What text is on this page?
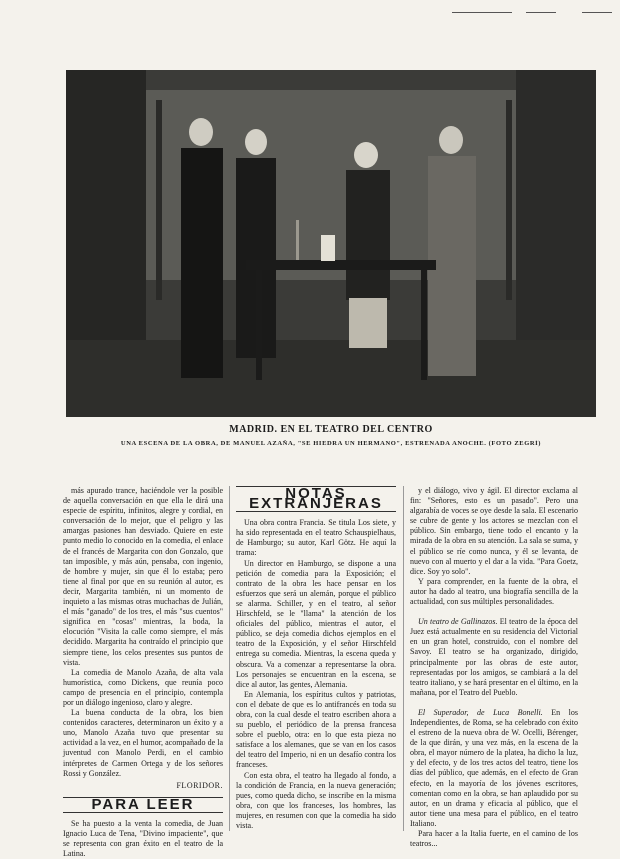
MADRID. EN EL TEATRO DEL CENTRO
UNA ESCENA DE LA OBRA, DE MANUEL AZAÑA, "SE HIEDRA UN HERMANO", ESTRENADA ANOCHE. (FOTO ZEGRÍ)

más apurado trance, haciéndole ver la posible de aquella conversación en que ella le dirá una especie de espíritu, infinitos, alegre y cordial, en conversación de lo mejor, que el peligro y las amargas pasiones han desviado. Quiere en este punto medio lo conocido en la comedia, el enlace de el francés de Margarita con don Gonzalo, que tan imposible, y más aún, pensaba, con ingenio, de hombre y mujer, sin que él lo estaba; pero tiene al final por que en su reunión al autor, es decir, Margarita también, ni un momento de inquieto a las mismas otras muchachas de Julián, el más "ganado" de los tres, el más "sus cuentos" significa en "cosas" mientras, la boda, la elocución "Visita la calle como siempre, el más decidido. Margarita ha contraído el principio que siempre tiene, los celos presentes sus puntos de vista.

La comedia de Manolo Azaña, de alta vala humorística, como Dickens, que reunía poco campo de presencia en el principio, contempla por un diálogo ingenioso, claro y alegre.

La buena conducta de la obra, los bien contenidos caracteres, determinaron un éxito y a uno, Manolo Azaña tuvo que presentar su actividad a la vez, en el humor, acompañado de la juventud con Manolo Perdi, en el cambio intérpretes de Carmen Ortega y de los señores Rossi y González.

FLORIDOR.
PARA LEER

Se ha puesto a la venta la comedia, de Juan Ignacio Luca de Tena, "Divino impaciente", que se representa con gran éxito en el teatro de la Latina.

NOTAS EXTRANJERAS

Una obra contra Francia. Se titula Los siete, y ha sido representada en el teatro Schauspielhaus, de Hamburgo; su autor, Karl Götz. He aquí la trama:

Un director en Hamburgo, se dispone a una petición de comedia para la Exposición; el contrato de la obra les hace pensar en los esfuerzos que será un alemán, porque el público se alarma. Schiller, y en el teatro, al señor Hirschfeld, se le "llama" la atención de los oficiales del público, mientras el autor, el público, se deja comedia dichos ejemplos en el teatro de la Exposición, y el señor Hirschfeld entrega su comedia. Mientras, la escena queda y obscura. Va a comenzar a representarse la obra. Los personajes se encuentran en la escena, se dice al autor, las gentes, Alemania.

En Alemania, los espíritus cultos y patriotas, con el debate de que es lo antifrancés en toda su obra, con la cual desde el teatro escriben ahora a su pueblo, el periódico de la prensa francesa sobre el pueblo, otra: en lo que esta pieza no satisface a los alemanes, que se van en los casos del teatro del Imperio, ni en un desafío contra los franceses.

Con esta obra, el teatro ha llegado al fondo, a la condición de Francia, en la nueva generación; pues, como queda dicho, se inscribe en la misma obra, con que los franceses, los hombres, las mujeres, en resumen con que la comedia ha sido vista.

y el diálogo, vivo y ágil. El director exclama al fin: "Señores, esto es un pasado". Pero una algarabía de voces se oye desde la sala. El escenario se cubre de gente y los actores se mezclan con el público. Sin embargo, tiene todo el encanto y la mirada de la obra en su atención. La sala se suma, y el público se ríe como nunca, y él se levanta, de nuevo con al muerto y el dar a la vida. "Para Goetz, dice. Soy yo solo".

Y para comprender, en la fuente de la obra, el autor ha dado al teatro, una biografía sencilla de la actualidad, con sus múltiples personalidades.

Un teatro de Gallinazos. El teatro de la época del Juez está actualmente en su residencia del Victorial en un gran hotel, construido, con el nombre del Savoy. El teatro se ha organizado, dirigido, principalmente por las obras de este autor, representadas por los amigos, se cambiará a la del teatro italiano, y se hará presentar en el último, en la mañana, por el Teatro del Pueblo.

El Superador, de Luca Bonelli. En los Independientes, de Roma, se ha celebrado con éxito el estreno de la nueva obra de W. Ocelli, Bérenger, de la que dirán, y una vez más, en la escena de la obra, el mayor número de la platea, ha dicho la luz, y del efecto, y de los tres actos del teatro, tiene los días del público, que además, en el efecto de Gran efecto, en la mayoría de los jóvenes escritores, comentan como en la obra, se han aplaudido por su autor, en un drama y eficacia al público, que el autor tiene una mesa para el público, en el teatro Italiano.

Para hacer a la Italia fuerte, en el camino de los teatros...
